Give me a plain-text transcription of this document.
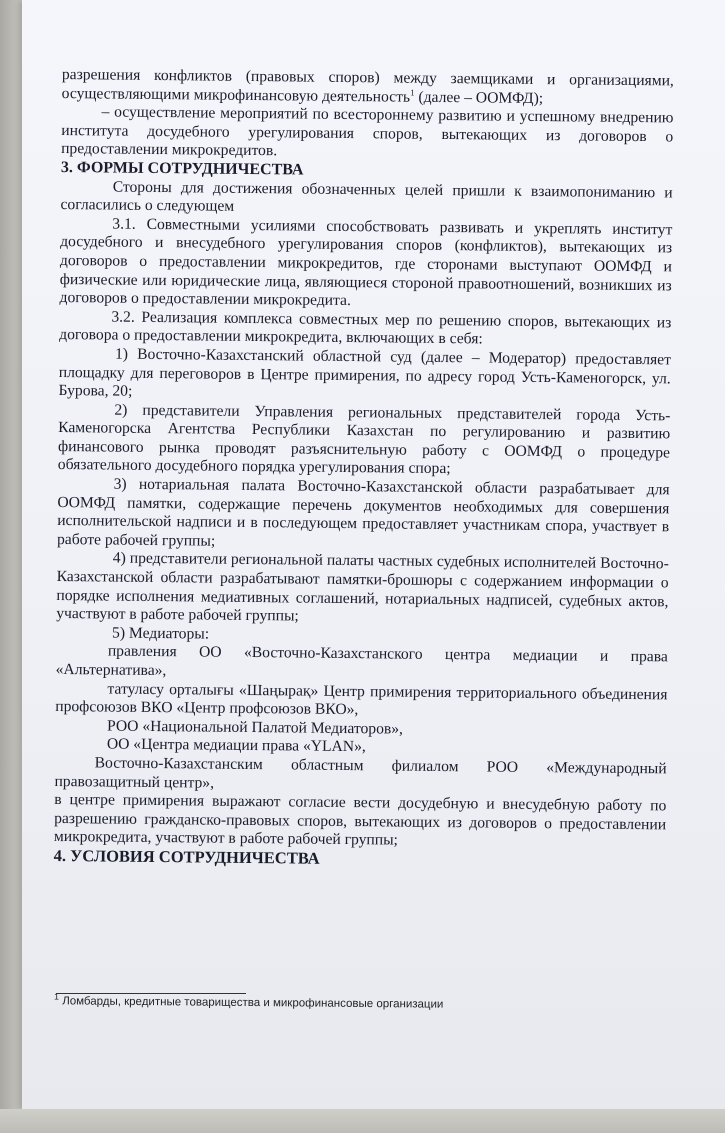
разрешения конфликтов (правовых споров) между заемщиками и организациями, осуществляющими микрофинансовую деятельность$^1$ (далее – ООМФД);

– осуществление мероприятий по всестороннему развитию и успешному внедрению института досудебного урегулирования споров, вытекающих из договоров о предоставлении микрокредитов.

3. ФОРМЫ СОТРУДНИЧЕСТВА

Стороны для достижения обозначенных целей пришли к взаимопониманию и согласились о следующем

3.1. Совместными усилиями способствовать развивать и укреплять институт досудебного и внесудебного урегулирования споров (конфликтов), вытекающих из договоров о предоставлении микрокредитов, где сторонами выступают ООМФД и физические или юридические лица, являющиеся стороной правоотношений, возникших из договоров о предоставлении микрокредита.

3.2. Реализация комплекса совместных мер по решению споров, вытекающих из договора о предоставлении микрокредита, включающих в себя:

1) Восточно-Казахстанский областной суд (далее – Модератор) предоставляет площадку для переговоров в Центре примирения, по адресу город Усть-Каменогорск, ул. Бурова, 20;

2) представители Управления региональных представителей города Усть-Каменогорска Агентства Республики Казахстан по регулированию и развитию финансового рынка проводят разъяснительную работу с ООМФД о процедуре обязательного досудебного порядка урегулирования спора;

3) нотариальная палата Восточно-Казахстанской области разрабатывает для ООМФД памятки, содержащие перечень документов необходимых для совершения исполнительской надписи и в последующем предоставляет участникам спора, участвует в работе рабочей группы;

4) представители региональной палаты частных судебных исполнителей Восточно-Казахстанской области разрабатывают памятки-брошюры с содержанием информации о порядке исполнения медиативных соглашений, нотариальных надписей, судебных актов, участвуют в работе рабочей группы;

5) Медиаторы:

правления ОО «Восточно-Казахстанского центра медиации и права «Альтернатива»,

татуласу орталығы «Шаңырақ» Центр примирения территориального объединения профсоюзов ВКО «Центр профсоюзов ВКО»,

РОО «Национальной Палатой Медиаторов»,

ОО «Центра медиации права «YLAN»,

Восточно-Казахстанским областным филиалом РОО «Международный правозащитный центр»,

в центре примирения выражают согласие вести досудебную и внесудебную работу по разрешению гражданско-правовых споров, вытекающих из договоров о предоставлении микрокредита, участвуют в работе рабочей группы;

4. УСЛОВИЯ СОТРУДНИЧЕСТВА

$^1$ Ломбарды, кредитные товарищества и микрофинансовые организации
